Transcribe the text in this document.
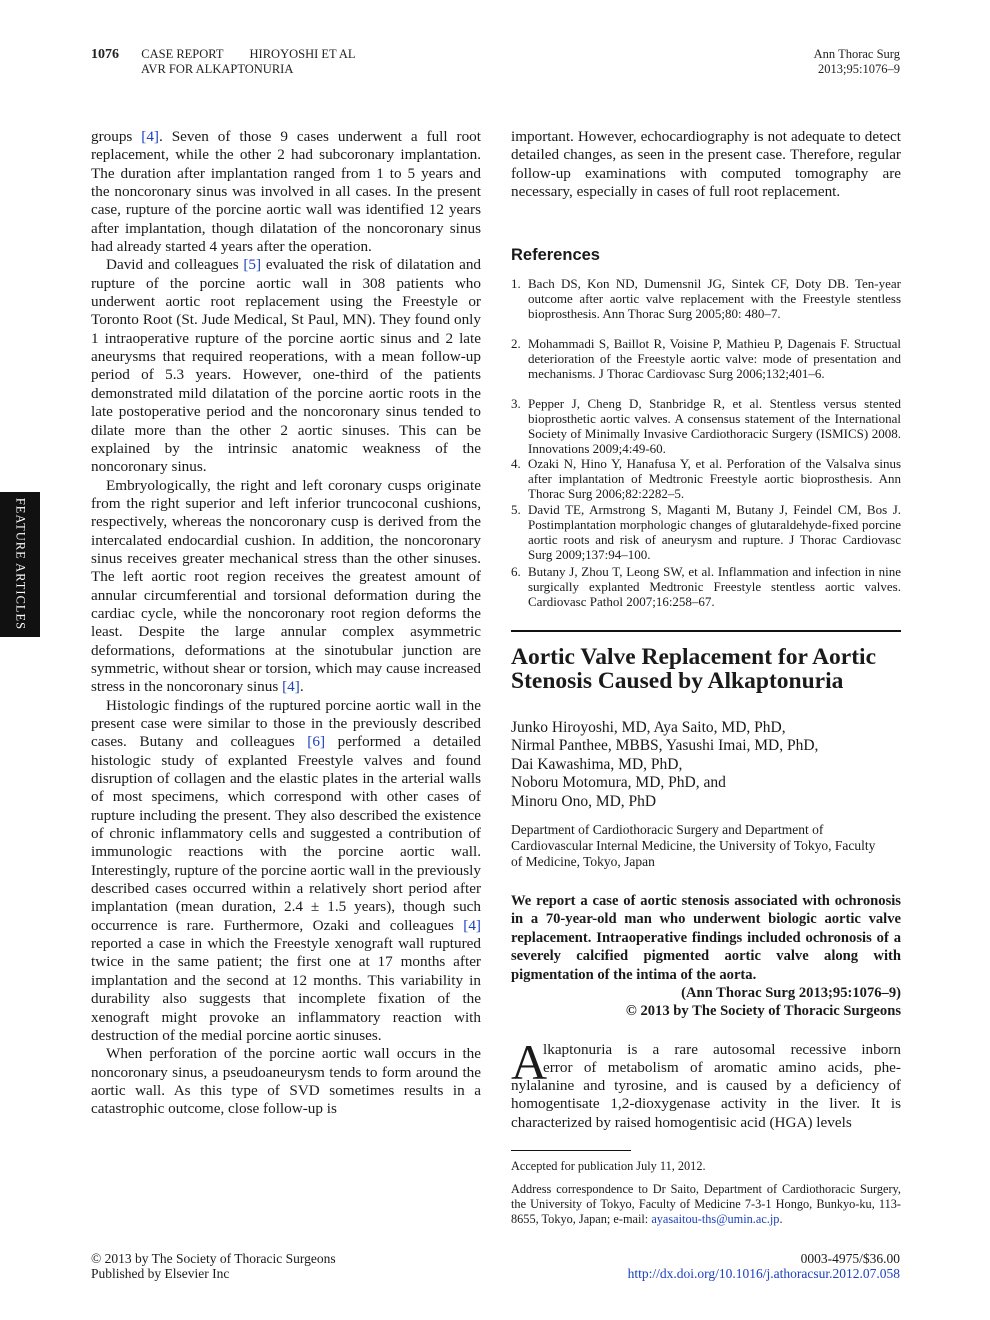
1076 CASE REPORT HIROYOSHI ET AL
AVR FOR ALKAPTONURIA
Ann Thorac Surg
2013;95:1076–9
FEATURE ARTICLES

groups [4]. Seven of those 9 cases underwent a full root replacement, while the other 2 had subcoronary implantation. The duration after implantation ranged from 1 to 5 years and the noncoronary sinus was involved in all cases. In the present case, rupture of the porcine aortic wall was identified 12 years after implantation, though dilatation of the noncoronary sinus had already started 4 years after the operation.

David and colleagues [5] evaluated the risk of dilatation and rupture of the porcine aortic wall in 308 patients who underwent aortic root replacement using the Freestyle or Toronto Root (St. Jude Medical, St Paul, MN). They found only 1 intraoperative rupture of the porcine aortic sinus and 2 late aneurysms that required reoperations, with a mean follow-up period of 5.3 years. However, one-third of the patients demonstrated mild dilatation of the porcine aortic roots in the late postoperative period and the noncoronary sinus tended to dilate more than the other 2 aortic sinuses. This can be explained by the intrinsic anatomic weakness of the noncoronary sinus.

Embryologically, the right and left coronary cusps originate from the right superior and left inferior truncoconal cushions, respectively, whereas the noncoronary cusp is derived from the intercalated endocardial cushion. In addition, the noncoronary sinus receives greater mechanical stress than the other sinuses. The left aortic root region receives the greatest amount of annular circumferential and torsional deformation during the cardiac cycle, while the noncoronary root region deforms the least. Despite the large annular complex asymmetric deformations, deformations at the sinotubular junction are symmetric, without shear or torsion, which may cause increased stress in the noncoronary sinus [4].

Histologic findings of the ruptured porcine aortic wall in the present case were similar to those in the previously described cases. Butany and colleagues [6] performed a detailed histologic study of explanted Freestyle valves and found disruption of collagen and the elastic plates in the arterial walls of most specimens, which correspond with other cases of rupture including the present. They also described the existence of chronic inflammatory cells and suggested a contribution of immunologic reactions with the porcine aortic wall. Interestingly, rupture of the porcine aortic wall in the previously described cases occurred within a relatively short period after implantation (mean duration, 2.4 ± 1.5 years), though such occurrence is rare. Furthermore, Ozaki and colleagues [4] reported a case in which the Freestyle xenograft wall ruptured twice in the same patient; the first one at 17 months after implantation and the second at 12 months. This variability in durability also suggests that incomplete fixation of the xenograft might provoke an inflammatory reaction with destruction of the medial porcine aortic sinuses.

When perforation of the porcine aortic wall occurs in the noncoronary sinus, a pseudoaneurysm tends to form around the aortic wall. As this type of SVD sometimes results in a catastrophic outcome, close follow-up is

important. However, echocardiography is not adequate to detect detailed changes, as seen in the present case. Therefore, regular follow-up examinations with computed tomography are necessary, especially in cases of full root replacement.
References
1. Bach DS, Kon ND, Dumensnil JG, Sintek CF, Doty DB. Ten-year outcome after aortic valve replacement with the Freestyle stentless bioprosthesis. Ann Thorac Surg 2005;80: 480–7.
2. Mohammadi S, Baillot R, Voisine P, Mathieu P, Dagenais F. Structual deterioration of the Freestyle aortic valve: mode of presentation and mechanisms. J Thorac Cardiovasc Surg 2006;132;401–6.
3. Pepper J, Cheng D, Stanbridge R, et al. Stentless versus stented bioprosthetic aortic valves. A consensus statement of the International Society of Minimally Invasive Cardiothoracic Surgery (ISMICS) 2008. Innovations 2009;4:49-60.
4. Ozaki N, Hino Y, Hanafusa Y, et al. Perforation of the Valsalva sinus after implantation of Medtronic Freestyle aortic bioprosthesis. Ann Thorac Surg 2006;82:2282–5.
5. David TE, Armstrong S, Maganti M, Butany J, Feindel CM, Bos J. Postimplantation morphologic changes of glutaraldehyde-fixed porcine aortic roots and risk of aneurysm and rupture. J Thorac Cardiovasc Surg 2009;137:94–100.
6. Butany J, Zhou T, Leong SW, et al. Inflammation and infection in nine surgically explanted Medtronic Freestyle stentless aortic valves. Cardiovasc Pathol 2007;16:258–67.
Aortic Valve Replacement for Aortic Stenosis Caused by Alkaptonuria
Junko Hiroyoshi, MD, Aya Saito, MD, PhD,
Nirmal Panthee, MBBS, Yasushi Imai, MD, PhD,
Dai Kawashima, MD, PhD,
Noboru Motomura, MD, PhD, and
Minoru Ono, MD, PhD
Department of Cardiothoracic Surgery and Department of Cardiovascular Internal Medicine, the University of Tokyo, Faculty of Medicine, Tokyo, Japan
We report a case of aortic stenosis associated with ochronosis in a 70-year-old man who underwent biologic aortic valve replacement. Intraoperative findings included ochronosis of a severely calcified pigmented aortic valve along with pigmentation of the intima of the aorta.
(Ann Thorac Surg 2013;95:1076–9)
© 2013 by The Society of Thoracic Surgeons
A
lkaptonuria is a rare autosomal recessive inborn
error of metabolism of aromatic amino acids, phe-
nylalanine and tyrosine, and is caused by a deficiency of homogentisate 1,2-dioxygenase activity in the liver. It is characterized by raised homogentisic acid (HGA) levels
Accepted for publication July 11, 2012.
Address correspondence to Dr Saito, Department of Cardiothoracic Surgery, the University of Tokyo, Faculty of Medicine 7-3-1 Hongo, Bunkyo-ku, 113-8655, Tokyo, Japan; e-mail: ayasaitou-ths@umin.ac.jp.
© 2013 by The Society of Thoracic Surgeons
Published by Elsevier Inc
0003-4975/$36.00
http://dx.doi.org/10.1016/j.athoracsur.2012.07.058
